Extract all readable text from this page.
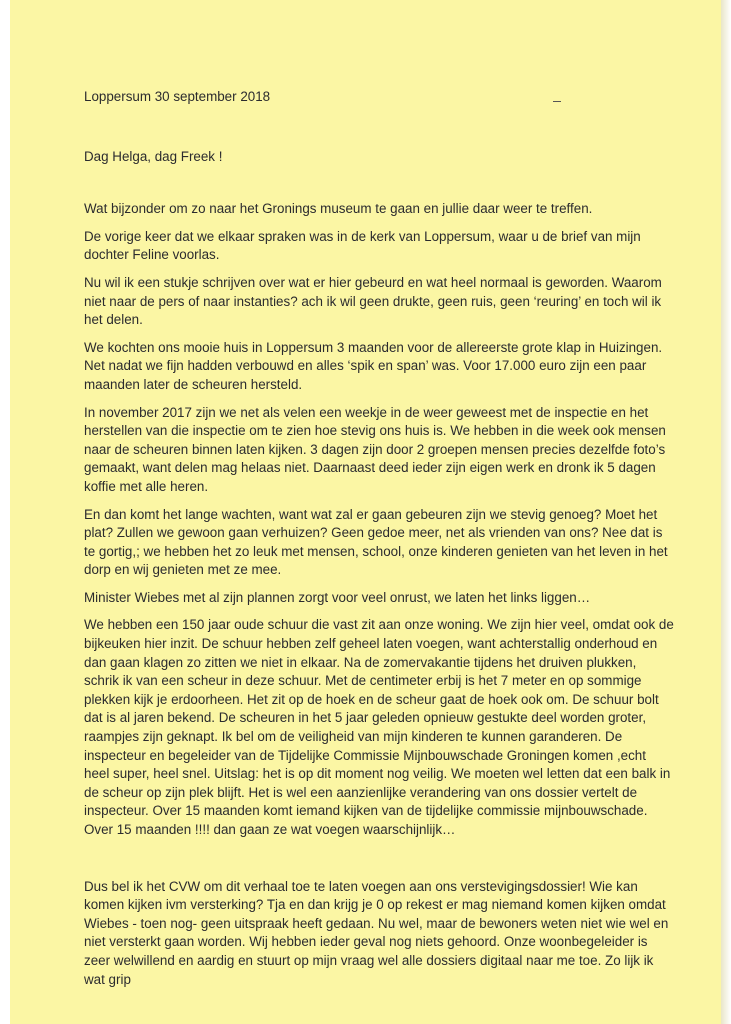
Loppersum 30 september 2018

Dag Helga, dag Freek !

Wat bijzonder om zo naar het Gronings museum te gaan en jullie daar weer te treffen.

De vorige keer dat we elkaar spraken was in de kerk van Loppersum, waar u de brief van mijn dochter Feline voorlas.

Nu wil ik een stukje schrijven over wat er hier gebeurd en wat heel normaal is geworden. Waarom niet naar de pers of naar instanties? ach ik wil geen drukte, geen ruis, geen ‘reuring’ en toch wil ik het delen.

We kochten ons mooie huis in Loppersum 3 maanden voor de allereerste grote klap in Huizingen. Net nadat we fijn hadden verbouwd en alles ‘spik en span’ was. Voor 17.000 euro zijn een paar maanden later de scheuren hersteld.

In november 2017 zijn we net als velen een weekje in de weer geweest met de inspectie en het herstellen van die inspectie om te zien hoe stevig ons huis is. We hebben in die week ook mensen naar de scheuren binnen laten kijken. 3 dagen zijn door 2 groepen mensen precies dezelfde foto’s gemaakt, want delen mag helaas niet. Daarnaast deed ieder zijn eigen werk en dronk ik 5 dagen koffie met alle heren.

En dan komt het lange wachten, want wat zal er gaan gebeuren zijn we stevig genoeg? Moet het plat? Zullen we gewoon gaan verhuizen? Geen gedoe meer, net als vrienden van ons? Nee dat is te gortig,; we hebben het zo leuk met mensen, school, onze kinderen genieten van het leven in het dorp en wij genieten met ze mee.

Minister Wiebes met al zijn plannen zorgt voor veel onrust, we laten het links liggen…

We hebben een 150 jaar oude schuur die vast zit aan onze woning. We zijn hier veel, omdat ook de bijkeuken hier inzit. De schuur hebben zelf geheel laten voegen, want achterstallig onderhoud en dan gaan klagen zo zitten we niet in elkaar. Na de zomervakantie tijdens het druiven plukken, schrik ik van een scheur in deze schuur. Met de centimeter erbij is het 7 meter en op sommige plekken kijk je erdoorheen. Het zit op de hoek en de scheur gaat de hoek ook om. De schuur bolt dat is al jaren bekend. De scheuren in het 5 jaar geleden opnieuw gestukte deel worden groter, raampjes zijn geknapt. Ik bel om de veiligheid van mijn kinderen te kunnen garanderen. De inspecteur en begeleider van de Tijdelijke Commissie Mijnbouwschade Groningen komen ,echt heel super, heel snel. Uitslag: het is op dit moment nog veilig. We moeten wel letten dat een balk in de scheur op zijn plek blijft. Het is wel een aanzienlijke verandering van ons dossier vertelt de inspecteur. Over 15 maanden komt iemand kijken van de tijdelijke commissie mijnbouwschade. Over 15 maanden !!!! dan gaan ze wat voegen waarschijnlijk…

Dus bel ik het CVW om dit verhaal toe te laten voegen aan ons verstevigingsdossier! Wie kan komen kijken ivm versterking? Tja en dan krijg je 0 op rekest er mag niemand komen kijken omdat Wiebes - toen nog- geen uitspraak heeft gedaan. Nu wel, maar de bewoners weten niet wie wel en niet versterkt gaan worden. Wij hebben ieder geval nog niets gehoord. Onze woonbegeleider is zeer welwillend en aardig en stuurt op mijn vraag wel alle dossiers digitaal naar me toe. Zo lijk ik wat grip
